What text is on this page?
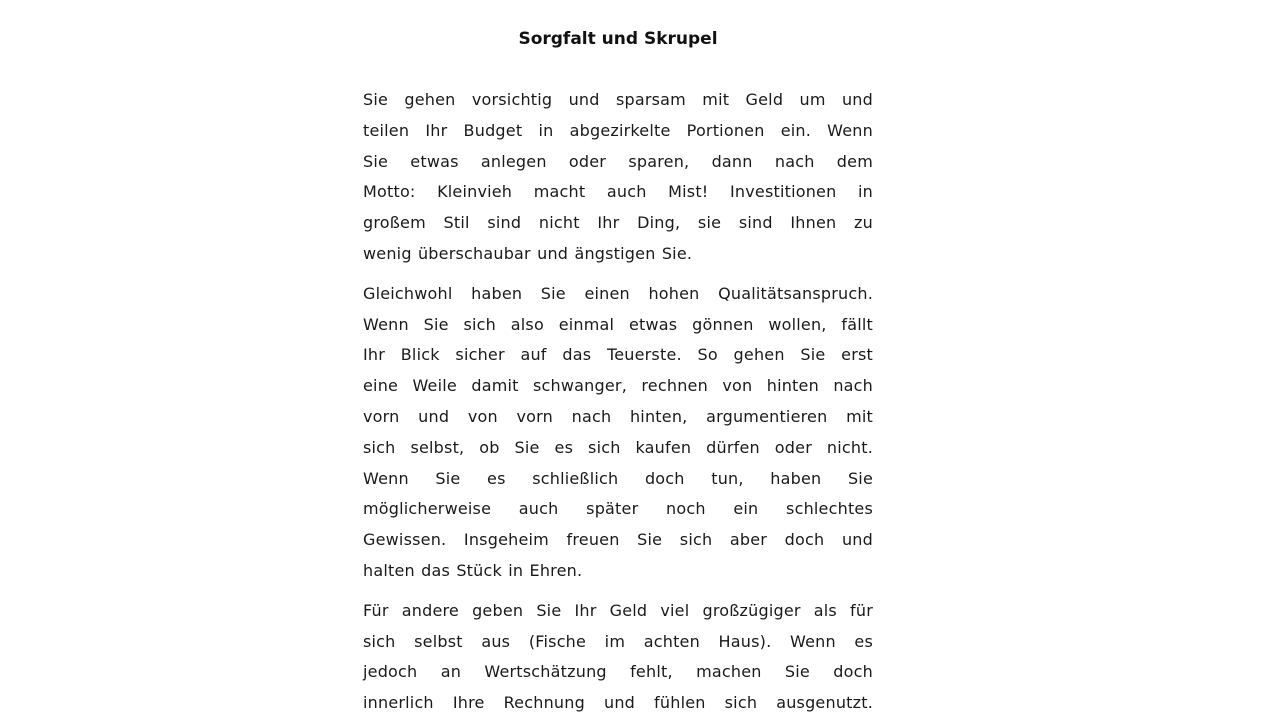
Sorgfalt und Skrupel

Sie gehen vorsichtig und sparsam mit Geld um und
teilen Ihr Budget in abgezirkelte Portionen ein. Wenn
Sie etwas anlegen oder sparen, dann nach dem
Motto: Kleinvieh macht auch Mist! Investitionen in
großem Stil sind nicht Ihr Ding, sie sind Ihnen zu
wenig überschaubar und ängstigen Sie.

Gleichwohl haben Sie einen hohen Qualitätsanspruch.
Wenn Sie sich also einmal etwas gönnen wollen, fällt
Ihr Blick sicher auf das Teuerste. So gehen Sie erst
eine Weile damit schwanger, rechnen von hinten nach
vorn und von vorn nach hinten, argumentieren mit
sich selbst, ob Sie es sich kaufen dürfen oder nicht.
Wenn Sie es schließlich doch tun, haben Sie
möglicherweise auch später noch ein schlechtes
Gewissen. Insgeheim freuen Sie sich aber doch und
halten das Stück in Ehren.

Für andere geben Sie Ihr Geld viel großzügiger als für
sich selbst aus (Fische im achten Haus). Wenn es
jedoch an Wertschätzung fehlt, machen Sie doch
innerlich Ihre Rechnung und fühlen sich ausgenutzt.
